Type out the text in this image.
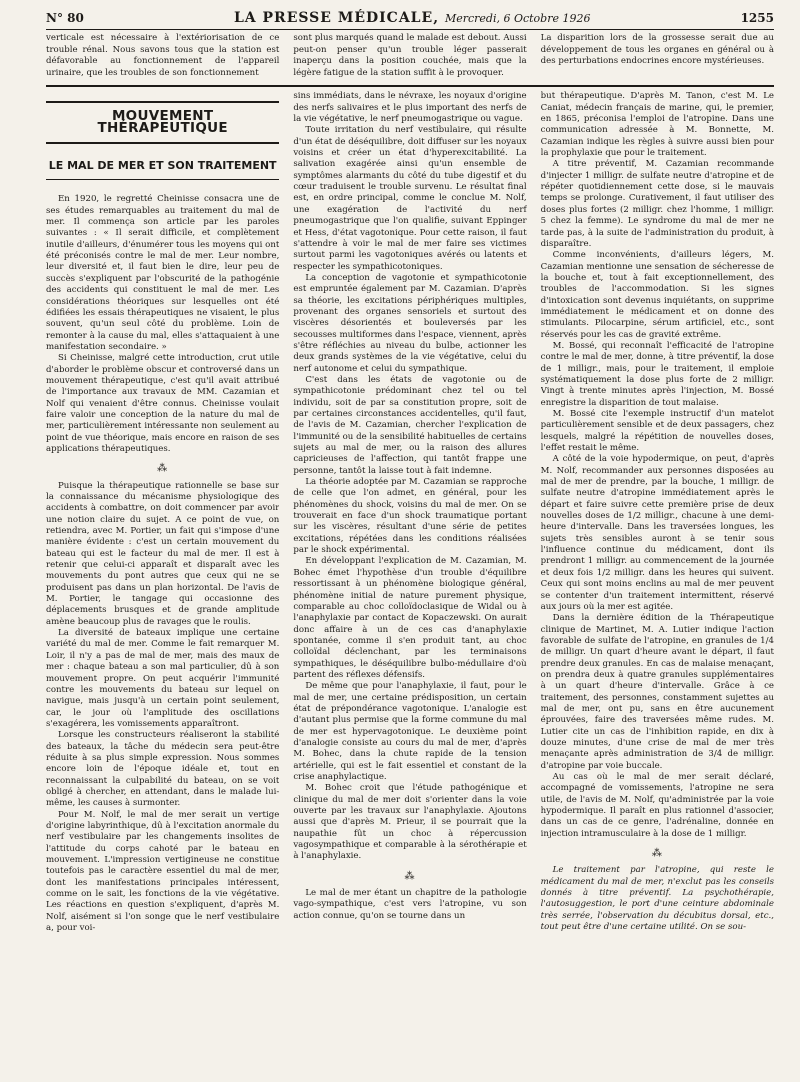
N° 80	LA PRESSE MÉDICALE, Mercredi, 6 Octobre 1926	1255

verticale est nécessaire à l'extériorisation de ce trouble rénal. Nous savons tous que la station est défavorable au fonctionnement de l'appareil urinaire, que les troubles de son fonctionnement

sont plus marqués quand le malade est debout. Aussi peut-on penser qu'un trouble léger passerait inaperçu dans la position couchée, mais que la légère fatigue de la station suffit à le provoquer.

La disparition lors de la grossesse serait due au développement de tous les organes en général ou à des perturbations endocrines encore mystérieuses.

MOUVEMENT THÉRAPEUTIQUE
LE MAL DE MER ET SON TRAITEMENT

En 1920, le regretté Cheinisse consacra une de ses études remarquables au traitement du mal de mer. Il commença son article par les paroles suivantes : « Il serait difficile, et complètement inutile d'ailleurs, d'énumérer tous les moyens qui ont été préconisés contre le mal de mer. Leur nombre, leur diversité et, il faut bien le dire, leur peu de succès s'expliquent par l'obscurité de la pathogénie des accidents qui constituent le mal de mer. Les considérations théoriques sur lesquelles ont été édifiées les essais thérapeutiques ne visaient, le plus souvent, qu'un seul côté du problème. Loin de remonter à la cause du mal, elles s'attaquaient à une manifestation secondaire. »

Si Cheinisse, malgré cette introduction, crut utile d'aborder le problème obscur et controversé dans un mouvement thérapeutique, c'est qu'il avait attribué de l'importance aux travaux de MM. Cazamian et Nolf qui venaient d'être connus. Cheinisse voulait faire valoir une conception de la nature du mal de mer, particulièrement intéressante non seulement au point de vue théorique, mais encore en raison de ses applications thérapeutiques.

⁂

Puisque la thérapeutique rationnelle se base sur la connaissance du mécanisme physiologique des accidents à combattre, on doit commencer par avoir une notion claire du sujet. A ce point de vue, on retiendra, avec M. Portier, un fait qui s'impose d'une manière évidente : c'est un certain mouvement du bateau qui est le facteur du mal de mer. Il est à retenir que celui-ci apparaît et disparaît avec les mouvements du pont autres que ceux qui ne se produisent pas dans un plan horizontal. De l'avis de M. Portier, le tangage qui occasionne des déplacements brusques et de grande amplitude amène beaucoup plus de ravages que le roulis.

La diversité de bateaux implique une certaine variété du mal de mer. Comme le fait remarquer M. Loir, il n'y a pas de mal de mer, mais des maux de mer : chaque bateau a son mal particulier, dû à son mouvement propre. On peut acquérir l'immunité contre les mouvements du bateau sur lequel on navigue, mais jusqu'à un certain point seulement, car, le jour où l'amplitude des oscillations s'exagérera, les vomissements apparaîtront.

Lorsque les constructeurs réaliseront la stabilité des bateaux, la tâche du médecin sera peut-être réduite à sa plus simple expression. Nous sommes encore loin de l'époque idéale et, tout en reconnaissant la culpabilité du bateau, on se voit obligé à chercher, en attendant, dans le malade lui-même, les causes à surmonter.

Pour M. Nolf, le mal de mer serait un vertige d'origine labyrinthique, dû à l'excitation anormale du nerf vestibulaire par les changements insolites de l'attitude du corps cahoté par le bateau en mouvement. L'impression vertigineuse ne constitue toutefois pas le caractère essentiel du mal de mer, dont les manifestations principales intéressent, comme on le sait, les fonctions de la vie végétative. Les réactions en question s'expliquent, d'après M. Nolf, aisément si l'on songe que le nerf vestibulaire a, pour voi-

sins immédiats, dans le névraxe, les noyaux d'origine des nerfs salivaires et le plus important des nerfs de la vie végétative, le nerf pneumogastrique ou vague.

Toute irritation du nerf vestibulaire, qui résulte d'un état de déséquilibre, doit diffuser sur les noyaux voisins et créer un état d'hyperexcitabilité. La salivation exagérée ainsi qu'un ensemble de symptômes alarmants du côté du tube digestif et du cœur traduisent le trouble survenu. Le résultat final est, en ordre principal, comme le conclue M. Nolf, une exagération de l'activité du nerf pneumogastrique que l'on qualifie, suivant Eppinger et Hess, d'état vagotonique. Pour cette raison, il faut s'attendre à voir le mal de mer faire ses victimes surtout parmi les vagotoniques avérés ou latents et respecter les sympathicotoniques.

La conception de vagotonie et sympathicotonie est empruntée également par M. Cazamian. D'après sa théorie, les excitations périphériques multiples, provenant des organes sensoriels et surtout des viscères désorientés et bouleversés par les secousses multiformes dans l'espace, viennent, après s'être réfléchies au niveau du bulbe, actionner les deux grands systèmes de la vie végétative, celui du nerf autonome et celui du sympathique.

C'est dans les états de vagotonie ou de sympathicotonie prédominant chez tel ou tel individu, soit de par sa constitution propre, soit de par certaines circonstances accidentelles, qu'il faut, de l'avis de M. Cazamian, chercher l'explication de l'immunité ou de la sensibilité habituelles de certains sujets au mal de mer, ou la raison des allures capricieuses de l'affection, qui tantôt frappe une personne, tantôt la laisse tout à fait indemne.

La théorie adoptée par M. Cazamian se rapproche de celle que l'on admet, en général, pour les phénomènes du shock, voisins du mal de mer. On se trouverait en face d'un shock traumatique portant sur les viscères, résultant d'une série de petites excitations, répétées dans les conditions réalisées par le shock expérimental.

En développant l'explication de M. Cazamian, M. Bohec émet l'hypothèse d'un trouble d'équilibre ressortissant à un phénomène biologique général, phénomène initial de nature purement physique, comparable au choc colloïdoclasique de Widal ou à l'anaphylaxie par contact de Kopaczewski. On aurait donc affaire à un de ces cas d'anaphylaxie spontanée, comme il s'en produit tant, au choc colloïdal déclenchant, par les terminaisons sympathiques, le déséquilibre bulbo-médullaire d'où partent des réflexes défensifs.

De même que pour l'anaphylaxie, il faut, pour le mal de mer, une certaine prédisposition, un certain état de prépondérance vagotonique. L'analogie est d'autant plus permise que la forme commune du mal de mer est hypervagotonique. Le deuxième point d'analogie consiste au cours du mal de mer, d'après M. Bohec, dans la chute rapide de la tension artérielle, qui est le fait essentiel et constant de la crise anaphylactique.

M. Bohec croit que l'étude pathogénique et clinique du mal de mer doit s'orienter dans la voie ouverte par les travaux sur l'anaphylaxie. Ajoutons aussi que d'après M. Prieur, il se pourrait que la naupathie fût un choc à répercussion vagosympathique et comparable à la sérothérapie et à l'anaphylaxie.

⁂

Le mal de mer étant un chapitre de la pathologie vago-sympathique, c'est vers l'atropine, vu son action connue, qu'on se tourne dans un

but thérapeutique. D'après M. Tanon, c'est M. Le Caniat, médecin français de marine, qui, le premier, en 1865, préconisa l'emploi de l'atropine. Dans une communication adressée à M. Bonnette, M. Cazamian indique les règles à suivre aussi bien pour la prophylaxie que pour le traitement.

A titre préventif, M. Cazamian recommande d'injecter 1 milligr. de sulfate neutre d'atropine et de répéter quotidiennement cette dose, si le mauvais temps se prolonge. Curativement, il faut utiliser des doses plus fortes (2 milligr. chez l'homme, 1 milligr. 5 chez la femme). Le syndrome du mal de mer ne tarde pas, à la suite de l'administration du produit, à disparaître.

Comme inconvénients, d'ailleurs légers, M. Cazamian mentionne une sensation de sécheresse de la bouche et, tout à fait exceptionnellement, des troubles de l'accommodation. Si les signes d'intoxication sont devenus inquiétants, on supprime immédiatement le médicament et on donne des stimulants. Pilocarpine, sérum artificiel, etc., sont réservés pour les cas de gravité extrême.

M. Bossé, qui reconnaît l'efficacité de l'atropine contre le mal de mer, donne, à titre préventif, la dose de 1 milligr., mais, pour le traitement, il emploie systématiquement la dose plus forte de 2 milligr. Vingt à trente minutes après l'injection, M. Bossé enregistre la disparition de tout malaise.

M. Bossé cite l'exemple instructif d'un matelot particulièrement sensible et de deux passagers, chez lesquels, malgré la répétition de nouvelles doses, l'effet restait le même.

A côté de la voie hypodermique, on peut, d'après M. Nolf, recommander aux personnes disposées au mal de mer de prendre, par la bouche, 1 milligr. de sulfate neutre d'atropine immédiatement après le départ et faire suivre cette première prise de deux nouvelles doses de 1/2 milligr., chacune à une demi-heure d'intervalle. Dans les traversées longues, les sujets très sensibles auront à se tenir sous l'influence continue du médicament, dont ils prendront 1 milligr. au commencement de la journée et deux fois 1/2 milligr. dans les heures qui suivent. Ceux qui sont moins enclins au mal de mer peuvent se contenter d'un traitement intermittent, réservé aux jours où la mer est agitée.

Dans la dernière édition de la Thérapeutique clinique de Martinet, M. A. Lutier indique l'action favorable de sulfate de l'atropine, en granules de 1/4 de milligr. Un quart d'heure avant le départ, il faut prendre deux granules. En cas de malaise menaçant, on prendra deux à quatre granules supplémentaires à un quart d'heure d'intervalle. Grâce à ce traitement, des personnes, constamment sujettes au mal de mer, ont pu, sans en être aucunement éprouvées, faire des traversées même rudes. M. Lutier cite un cas de l'inhibition rapide, en dix à douze minutes, d'une crise de mal de mer très menaçante après administration de 3/4 de milligr. d'atropine par voie buccale.

Au cas où le mal de mer serait déclaré, accompagné de vomissements, l'atropine ne sera utile, de l'avis de M. Nolf, qu'administrée par la voie hypodermique. Il paraît en plus rationnel d'associer, dans un cas de ce genre, l'adrénaline, donnée en injection intramusculaire à la dose de 1 milligr.

⁂

Le traitement par l'atropine, qui reste le médicament du mal de mer, n'exclut pas les conseils donnés à titre préventif. La psychothérapie, l'autosuggestion, le port d'une ceinture abdominale très serrée, l'observation du décubitus dorsal, etc., tout peut être d'une certaine utilité. On se sou-
